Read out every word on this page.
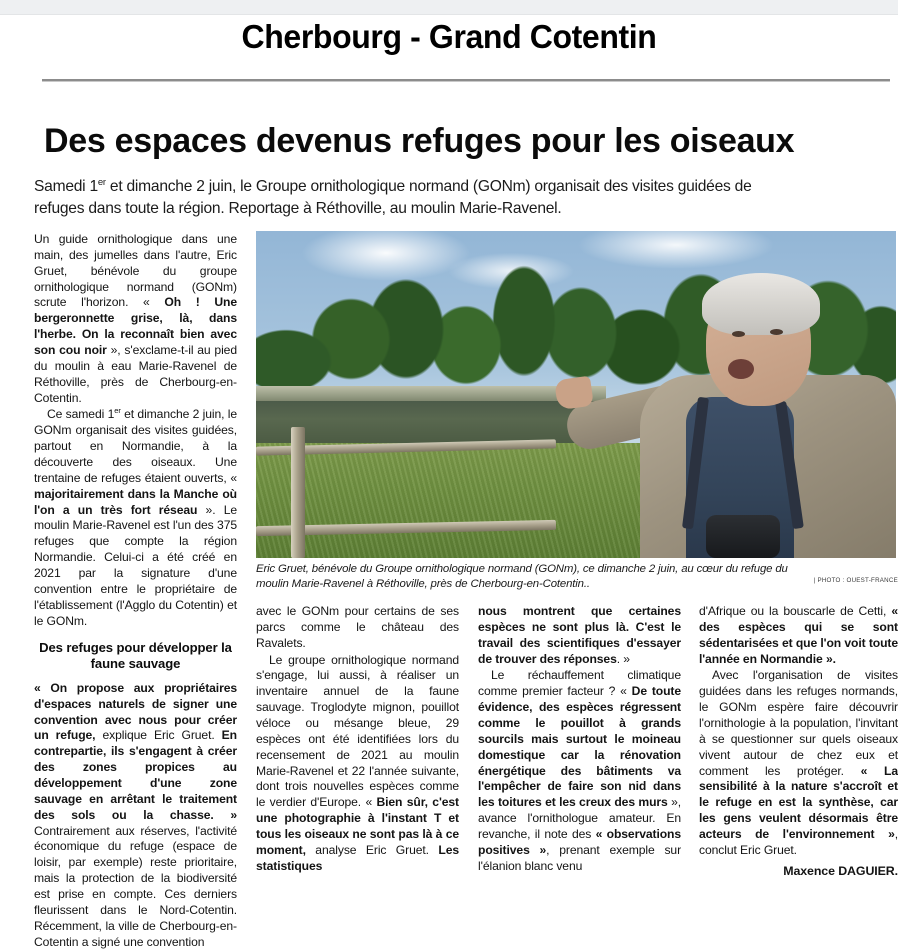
Cherbourg - Grand Cotentin
Des espaces devenus refuges pour les oiseaux
Samedi 1er et dimanche 2 juin, le Groupe ornithologique normand (GONm) organisait des visites guidées de refuges dans toute la région. Reportage à Réthoville, au moulin Marie-Ravenel.
Eric Gruet, bénévole du Groupe ornithologique normand (GONm), ce dimanche 2 juin, au cœur du refuge du moulin Marie-Ravenel à Réthoville, près de Cherbourg-en-Cotentin..	| PHOTO : OUEST-FRANCE

Un guide ornithologique dans une main, des jumelles dans l'autre, Eric Gruet, bénévole du groupe ornithologique normand (GONm) scrute l'horizon. « Oh ! Une bergeronnette grise, là, dans l'herbe. On la reconnaît bien avec son cou noir », s'exclame-t-il au pied du moulin à eau Marie-Ravenel de Réthoville, près de Cherbourg-en-Cotentin.

Ce samedi 1er et dimanche 2 juin, le GONm organisait des visites guidées, partout en Normandie, à la découverte des oiseaux. Une trentaine de refuges étaient ouverts, « majoritairement dans la Manche où l'on a un très fort réseau ». Le moulin Marie-Ravenel est l'un des 375 refuges que compte la région Normandie. Celui-ci a été créé en 2021 par la signature d'une convention entre le propriétaire de l'établissement (l'Agglo du Cotentin) et le GONm.

Des refuges pour développer la faune sauvage

« On propose aux propriétaires d'espaces naturels de signer une convention avec nous pour créer un refuge, explique Eric Gruet. En contrepartie, ils s'engagent à créer des zones propices au développement d'une zone sauvage en arrêtant le traitement des sols ou la chasse. » Contrairement aux réserves, l'activité économique du refuge (espace de loisir, par exemple) reste prioritaire, mais la protection de la biodiversité est prise en compte. Ces derniers fleurissent dans le Nord-Cotentin. Récemment, la ville de Cherbourg-en-Cotentin a signé une convention

avec le GONm pour certains de ses parcs comme le château des Ravalets.

Le groupe ornithologique normand s'engage, lui aussi, à réaliser un inventaire annuel de la faune sauvage. Troglodyte mignon, pouillot véloce ou mésange bleue, 29 espèces ont été identifiées lors du recensement de 2021 au moulin Marie-Ravenel et 22 l'année suivante, dont trois nouvelles espèces comme le verdier d'Europe. « Bien sûr, c'est une photographie à l'instant T et tous les oiseaux ne sont pas là à ce moment, analyse Eric Gruet. Les statistiques

nous montrent que certaines espèces ne sont plus là. C'est le travail des scientifiques d'essayer de trouver des réponses. »

Le réchauffement climatique comme premier facteur ? « De toute évidence, des espèces régressent comme le pouillot à grands sourcils mais surtout le moineau domestique car la rénovation énergétique des bâtiments va l'empêcher de faire son nid dans les toitures et les creux des murs », avance l'ornithologue amateur. En revanche, il note des « observations positives », prenant exemple sur l'élanion blanc venu

d'Afrique ou la bouscarle de Cetti, « des espèces qui se sont sédentarisées et que l'on voit toute l'année en Normandie ».

Avec l'organisation de visites guidées dans les refuges normands, le GONm espère faire découvrir l'ornithologie à la population, l'invitant à se questionner sur quels oiseaux vivent autour de chez eux et comment les protéger. « La sensibilité à la nature s'accroît et le refuge en est la synthèse, car les gens veulent désormais être acteurs de l'environnement », conclut Eric Gruet.

Maxence DAGUIER.
